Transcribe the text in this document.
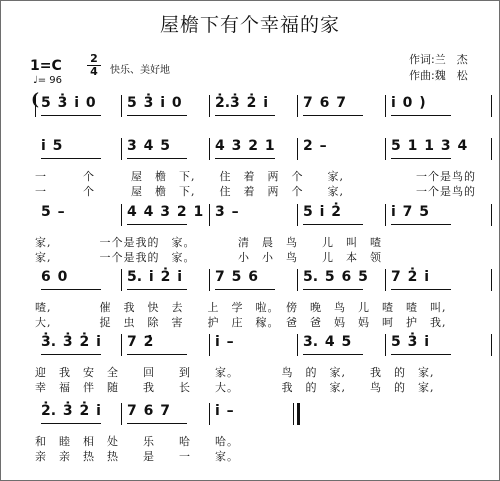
屋檐下有个幸福的家
1=C	2
4	快乐、美好地
♩= 96
作词:兰　杰
作曲:魏　松
5 3̇ i 0	5 3̇ i 0	2̇.3̇ 2̇ i	7 6 7	i 0 )
i 5	3 4 5	4 3 2 1	2 –	5 1 1 3 4
一　　　个　　　屋　檐　下,　　住　着　两　个　　家,　　　　　　一个是鸟的
一　　　个　　　屋　檐　下,　　住　着　两　个　　家,　　　　　　一个是鸟的
5 –	4 4 3 2 1 3 –	5 i 2̇	i 7 5
家,　　　　一个是我的　家。　　　　清　晨　鸟　　儿　叫　喳
家,　　　　一个是我的　家。　　　　小　小　鸟　　儿　本　领
6 0	5. i 2̇ i	7 5 6	5. 5 6 5	7 2̇ i
喳,　　　　催　我　快　去　　上　学　啦。　傍　晚　鸟　儿　喳　喳　叫,
大,　　　　捉　虫　除　害　　护　庄　稼。　爸　爸　妈　妈　呵　护　我,
3̇. 3̇ 2̇ i	7 2̇	i –	3. 4 5	5 3̇ i
迎　我　安　全　　回　　到　　家。　　　　鸟　的　家,　　我　的　家,
幸　福　伴　随　　我　　长　　大。　　　　我　的　家,　　鸟　的　家,
2̇. 3̇ 2̇ i	7 6 7	i –
和　睦　相　处　　乐　　哈　　哈。
亲　亲　热　热　　是　　一　　家。
(
